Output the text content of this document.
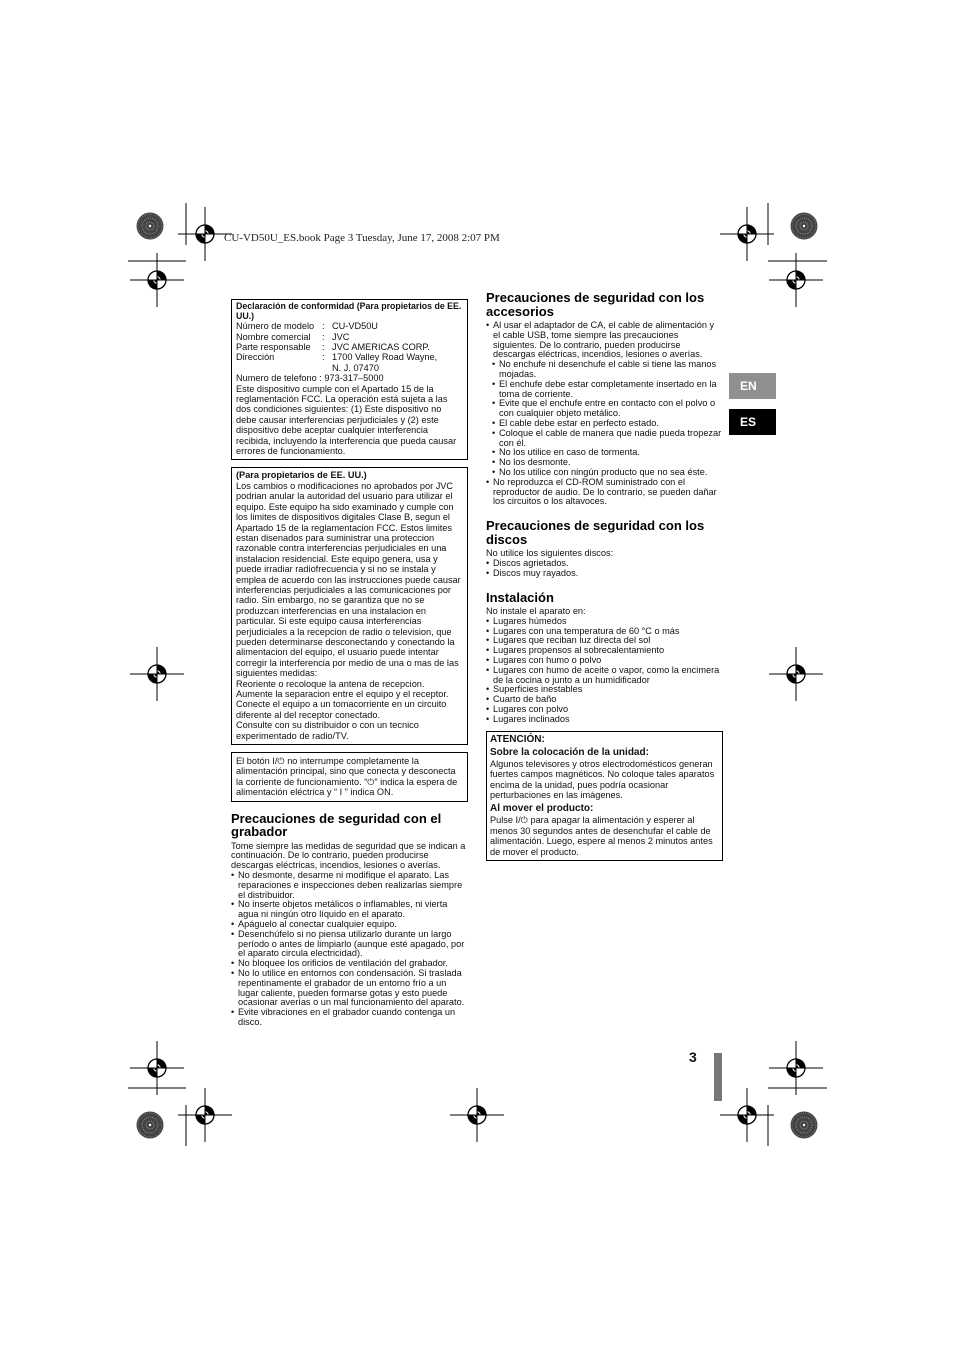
CU-VD50U_ES.book Page 3 Tuesday, June 17, 2008 2:07 PM
EN
ES
Declaración de conformidad (Para propietarios de EE. UU.)
Número de modelo : CU-VD50U
Nombre comercial	: JVC
Parte responsable	: JVC AMERICAS CORP.
Dirección	: 1700 Valley Road Wayne, N. J. 07470
Numero de telefono : 973-317–5000
Este dispositivo cumple con el Apartado 15 de la reglamentación FCC. La operación está sujeta a las dos condiciones siguientes: (1) Este dispositivo no debe causar interferencias perjudiciales y (2) este dispositivo debe aceptar cualquier interferencia recibida, incluyendo la interferencia que pueda causar errores de funcionamiento.
(Para propietarios de EE. UU.)
Los cambios o modificaciones no aprobados por JVC podrian anular la autoridad del usuario para utilizar el equipo. Este equipo ha sido examinado y cumple con los limites de dispositivos digitales Clase B, segun el Apartado 15 de la reglamentacion FCC. Estos limites estan disenados para suministrar una proteccion razonable contra interferencias perjudiciales en una instalacion residencial. Este equipo genera, usa y puede irradiar radiofrecuencia y si no se instala y emplea de acuerdo con las instrucciones puede causar interferencias perjudiciales a las comunicaciones por radio. Sin embargo, no se garantiza que no se produzcan interferencias en una instalacion en particular. Si este equipo causa interferencias perjudiciales a la recepcion de radio o television, que pueden determinarse desconectando y conectando la alimentacion del equipo, el usuario puede intentar corregir la interferencia por medio de una o mas de las siguientes medidas:
Reoriente o recoloque la antena de recepcion.
Aumente la separacion entre el equipo y el receptor.
Conecte el equipo a un tomacorriente en un circuito diferente al del receptor conectado.
Consulte con su distribuidor o con un tecnico experimentado de radio/TV.
El botón I/⏻ no interrumpe completamente la alimentación principal, sino que conecta y desconecta la corriente de funcionamiento. “⏻” indica la espera de alimentación eléctrica y “ I ” indica ON.
Precauciones de seguridad con el grabador
Tome siempre las medidas de seguridad que se indican a continuación. De lo contrario, pueden producirse descargas eléctricas, incendios, lesiones o averías.
• No desmonte, desarme ni modifique el aparato. Las reparaciones e inspecciones deben realizarlas siempre el distribuidor.
• No inserte objetos metálicos o inflamables, ni vierta agua ni ningún otro líquido en el aparato.
• Apáguelo al conectar cualquier equipo.
• Desenchúfelo si no piensa utilizarlo durante un largo período o antes de limpiarlo (aunque esté apagado, por el aparato circula electricidad).
• No bloquee los orificios de ventilación del grabador.
• No lo utilice en entornos con condensación. Si traslada repentinamente el grabador de un entorno frío a un lugar caliente, pueden formarse gotas y esto puede ocasionar averías o un mal funcionamiento del aparato.
• Evite vibraciones en el grabador cuando contenga un disco.
Precauciones de seguridad con los accesorios
• Al usar el adaptador de CA, el cable de alimentación y el cable USB, tome siempre las precauciones siguientes. De lo contrario, pueden producirse descargas eléctricas, incendios, lesiones o averías.
• No enchufe ni desenchufe el cable si tiene las manos mojadas.
• El enchufe debe estar completamente insertado en la toma de corriente.
• Evite que el enchufe entre en contacto con el polvo o con cualquier objeto metálico.
• El cable debe estar en perfecto estado.
• Coloque el cable de manera que nadie pueda tropezar con él.
• No los utilice en caso de tormenta.
• No los desmonte.
• No los utilice con ningún producto que no sea éste.
• No reproduzca el CD-ROM suministrado con el reproductor de audio. De lo contrario, se pueden dañar los circuitos o los altavoces.
Precauciones de seguridad con los discos
No utilice los siguientes discos:
• Discos agrietados.
• Discos muy rayados.
Instalación
No instale el aparato en:
• Lugares húmedos
• Lugares con una temperatura de 60 °C o más
• Lugares que reciban luz directa del sol
• Lugares propensos al sobrecalentamiento
• Lugares con humo o polvo
• Lugares con humo de aceite o vapor, como la encimera de la cocina o junto a un humidificador
• Superficies inestables
• Cuarto de baño
• Lugares con polvo
• Lugares inclinados
ATENCIÓN:
Sobre la colocación de la unidad:
Algunos televisores y otros electrodomésticos generan fuertes campos magnéticos. No coloque tales aparatos encima de la unidad, pues podría ocasionar perturbaciones en las imágenes.
Al mover el producto:
Pulse I/⏻ para apagar la alimentación y esperer al menos 30 segundos antes de desenchufar el cable de alimentación. Luego, espere al menos 2 minutos antes de mover el producto.
3
